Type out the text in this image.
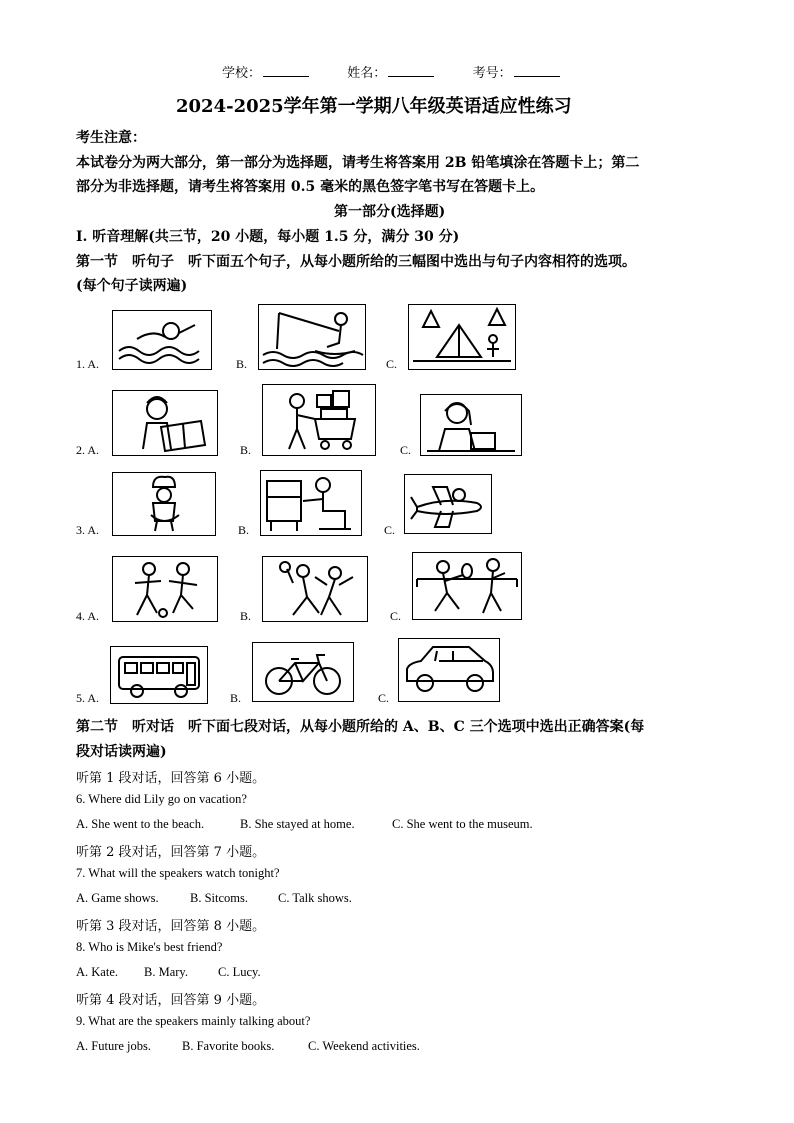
学校：	姓名：	考号：
2024-2025学年第一学期八年级英语适应性练习
考生注意：
本试卷分为两大部分，第一部分为选择题，请考生将答案用 2B 铅笔填涂在答题卡上；第二
部分为非选择题，请考生将答案用 0.5 毫米的黑色签字笔书写在答题卡上。
第一部分(选择题)
Ⅰ. 听音理解(共三节，20 小题，每小题 1.5 分，满分 30 分)
第一节　听句子　听下面五个句子，从每小题所给的三幅图中选出与句子内容相符的选项。
(每个句子读两遍)
1. A.	B.	C.
2. A.	B.	C.
3. A.	B.	C.
4. A.	B.	C.
5. A.	B.	C.
第二节　听对话　听下面七段对话，从每小题所给的 A、B、C 三个选项中选出正确答案(每
段对话读两遍)
听第 1 段对话，回答第 6 小题。
6. Where did Lily go on vacation?
A. She went to the beach.	B. She stayed at home.	C. She went to the museum.
听第 2 段对话，回答第 7 小题。
7. What will the speakers watch tonight?
A. Game shows.	B. Sitcoms. C. Talk shows.
听第 3 段对话，回答第 8 小题。
8. Who is Mike's best friend?
A. Kate. B. Mary. C. Lucy.
听第 4 段对话，回答第 9 小题。
9. What are the speakers mainly talking about?
A. Future jobs. B. Favorite books.	C. Weekend activities.
